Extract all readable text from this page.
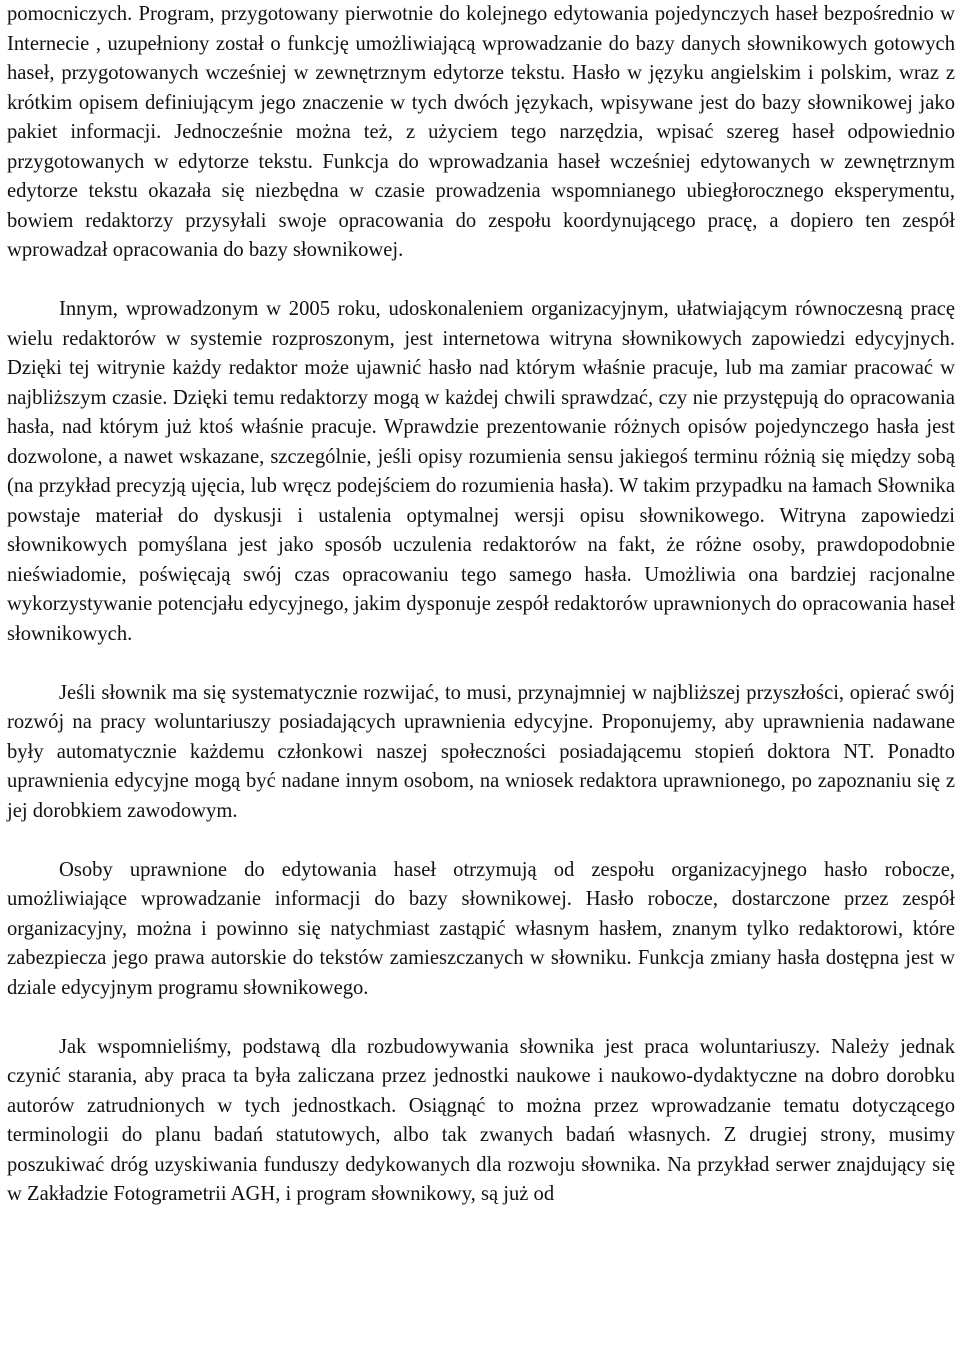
pomocniczych. Program, przygotowany pierwotnie do kolejnego edytowania pojedynczych haseł bezpośrednio w Internecie , uzupełniony został o funkcję umożliwiającą wprowadzanie do bazy danych słownikowych gotowych haseł, przygotowanych wcześniej w zewnętrznym edytorze tekstu. Hasło w języku angielskim i polskim, wraz z krótkim opisem definiującym jego znaczenie w tych dwóch językach, wpisywane jest do bazy słownikowej jako pakiet informacji. Jednocześnie można też, z użyciem tego narzędzia, wpisać szereg haseł odpowiednio przygotowanych w edytorze tekstu. Funkcja do wprowadzania haseł wcześniej edytowanych w zewnętrznym edytorze tekstu okazała się niezbędna w czasie prowadzenia wspomnianego ubiegłorocznego eksperymentu, bowiem redaktorzy przysyłali swoje opracowania do zespołu koordynującego pracę, a dopiero ten zespół wprowadzał opracowania do bazy słownikowej.

Innym, wprowadzonym w 2005 roku, udoskonaleniem organizacyjnym, ułatwiającym równoczesną pracę wielu redaktorów w systemie rozproszonym, jest internetowa witryna słownikowych zapowiedzi edycyjnych. Dzięki tej witrynie każdy redaktor może ujawnić hasło nad którym właśnie pracuje, lub ma zamiar pracować w najbliższym czasie. Dzięki temu redaktorzy mogą w każdej chwili sprawdzać, czy nie przystępują do opracowania hasła, nad którym już ktoś właśnie pracuje. Wprawdzie prezentowanie różnych opisów pojedynczego hasła jest dozwolone, a nawet wskazane, szczególnie, jeśli opisy rozumienia sensu jakiegoś terminu różnią się między sobą (na przykład precyzją ujęcia, lub wręcz podejściem do rozumienia hasła). W takim przypadku na łamach Słownika powstaje materiał do dyskusji i ustalenia optymalnej wersji opisu słownikowego. Witryna zapowiedzi słownikowych pomyślana jest jako sposób uczulenia redaktorów na fakt, że różne osoby, prawdopodobnie nieświadomie, poświęcają swój czas opracowaniu tego samego hasła. Umożliwia ona bardziej racjonalne wykorzystywanie potencjału edycyjnego, jakim dysponuje zespół redaktorów uprawnionych do opracowania haseł słownikowych.

Jeśli słownik ma się systematycznie rozwijać, to musi, przynajmniej w najbliższej przyszłości, opierać swój rozwój na pracy woluntariuszy posiadających uprawnienia edycyjne. Proponujemy, aby uprawnienia nadawane były automatycznie każdemu członkowi naszej społeczności posiadającemu stopień doktora NT. Ponadto uprawnienia edycyjne mogą być nadane innym osobom, na wniosek redaktora uprawnionego, po zapoznaniu się z jej dorobkiem zawodowym.

Osoby uprawnione do edytowania haseł otrzymują od zespołu organizacyjnego hasło robocze, umożliwiające wprowadzanie informacji do bazy słownikowej. Hasło robocze, dostarczone przez zespół organizacyjny, można i powinno się natychmiast zastąpić własnym hasłem, znanym tylko redaktorowi, które zabezpiecza jego prawa autorskie do tekstów zamieszczanych w słowniku. Funkcja zmiany hasła dostępna jest w dziale edycyjnym programu słownikowego.

Jak wspomnieliśmy, podstawą dla rozbudowywania słownika jest praca woluntariuszy. Należy jednak czynić starania, aby praca ta była zaliczana przez jednostki naukowe i naukowo-dydaktyczne na dobro dorobku autorów zatrudnionych w tych jednostkach. Osiągnąć to można przez wprowadzanie tematu dotyczącego terminologii do planu badań statutowych, albo tak zwanych badań własnych. Z drugiej strony, musimy poszukiwać dróg uzyskiwania funduszy dedykowanych dla rozwoju słownika. Na przykład serwer znajdujący się w Zakładzie Fotogrametrii AGH, i program słownikowy, są już od
